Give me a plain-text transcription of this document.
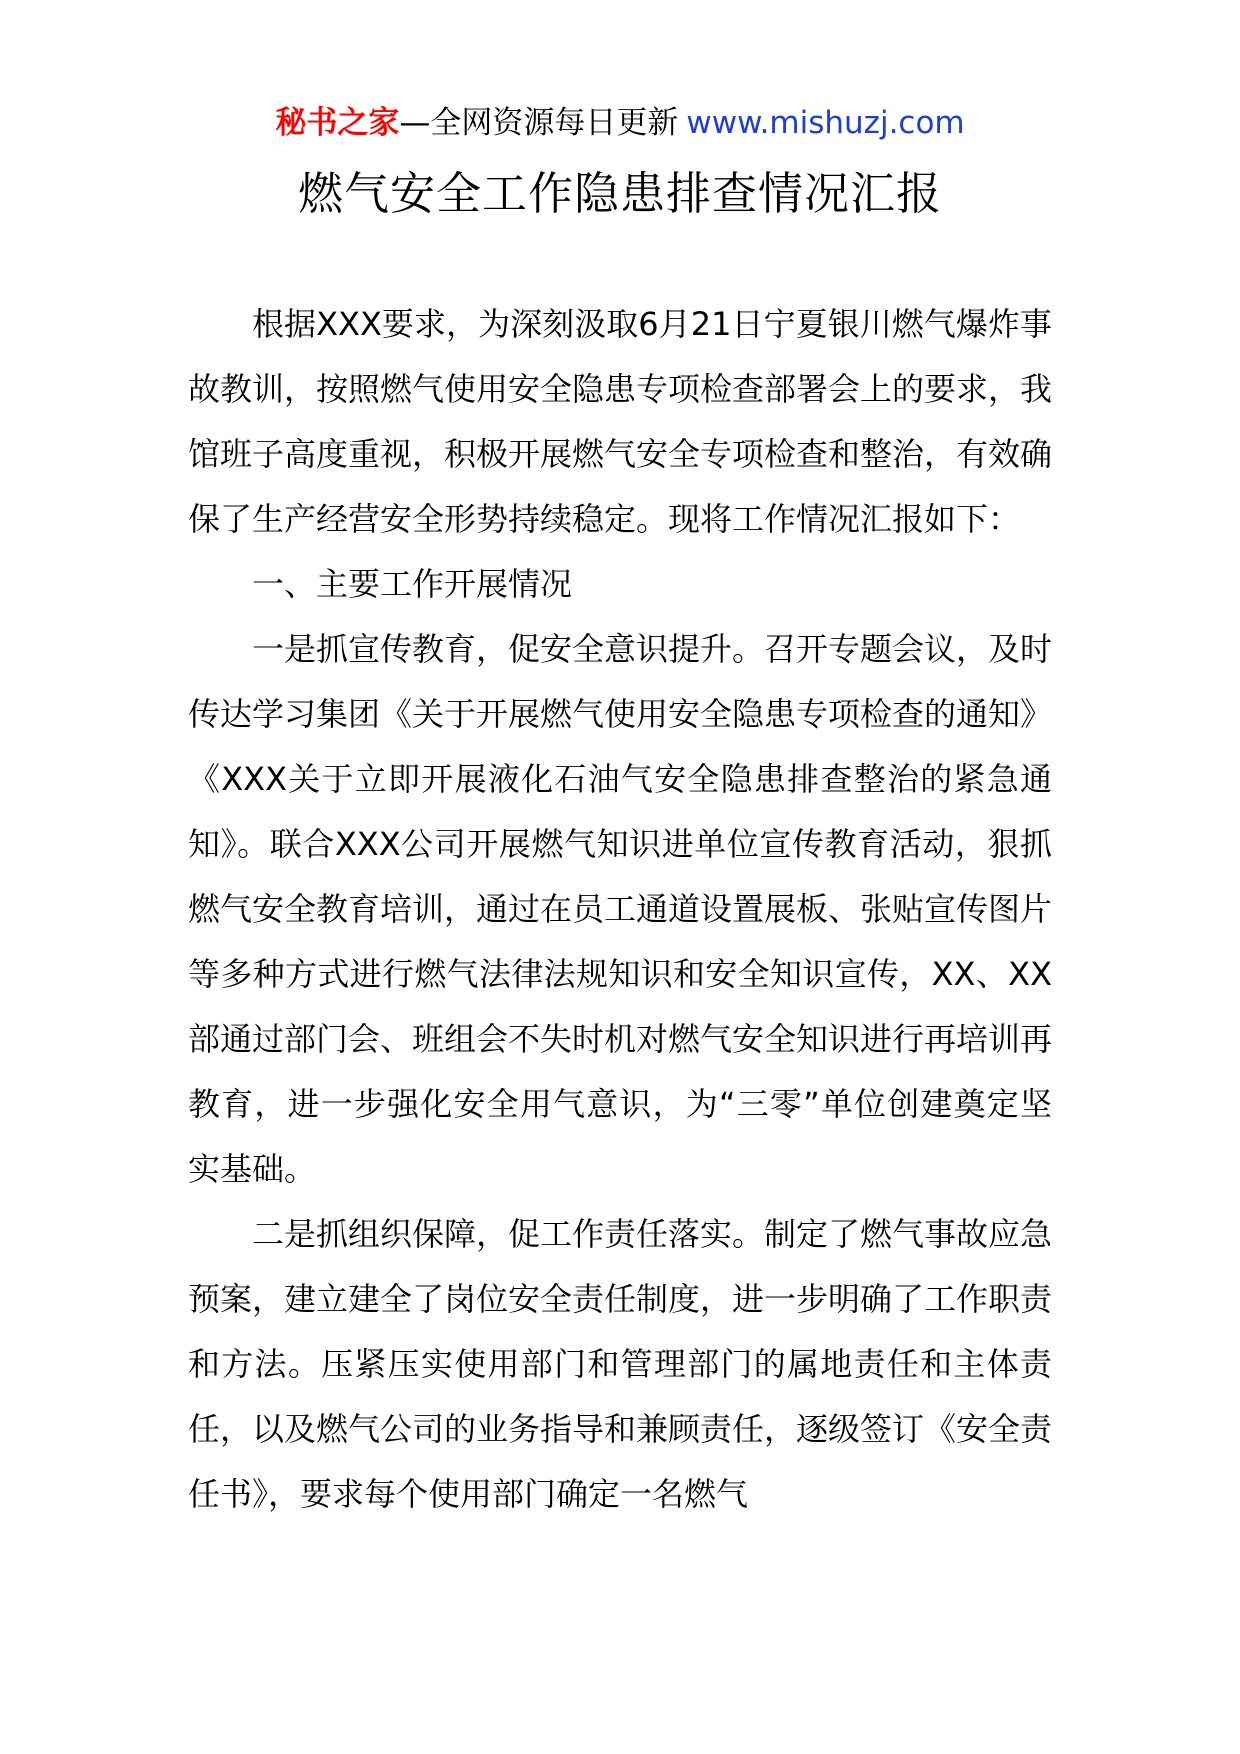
秘书之家—全网资源每日更新 www.mishuzj.com
燃气安全工作隐患排查情况汇报

根据XXX要求，为深刻汲取6月21日宁夏银川燃气爆炸事故教训，按照燃气使用安全隐患专项检查部署会上的要求，我馆班子高度重视，积极开展燃气安全专项检查和整治，有效确保了生产经营安全形势持续稳定。现将工作情况汇报如下：

一、主要工作开展情况

一是抓宣传教育，促安全意识提升。召开专题会议，及时传达学习集团《关于开展燃气使用安全隐患专项检查的通知》《XXX关于立即开展液化石油气安全隐患排查整治的紧急通知》。联合XXX公司开展燃气知识进单位宣传教育活动，狠抓燃气安全教育培训，通过在员工通道设置展板、张贴宣传图片等多种方式进行燃气法律法规知识和安全知识宣传，XX、XX部通过部门会、班组会不失时机对燃气安全知识进行再培训再教育，进一步强化安全用气意识，为“三零”单位创建奠定坚实基础。

二是抓组织保障，促工作责任落实。制定了燃气事故应急预案，建立建全了岗位安全责任制度，进一步明确了工作职责和方法。压紧压实使用部门和管理部门的属地责任和主体责任，以及燃气公司的业务指导和兼顾责任，逐级签订《安全责任书》，要求每个使用部门确定一名燃气
